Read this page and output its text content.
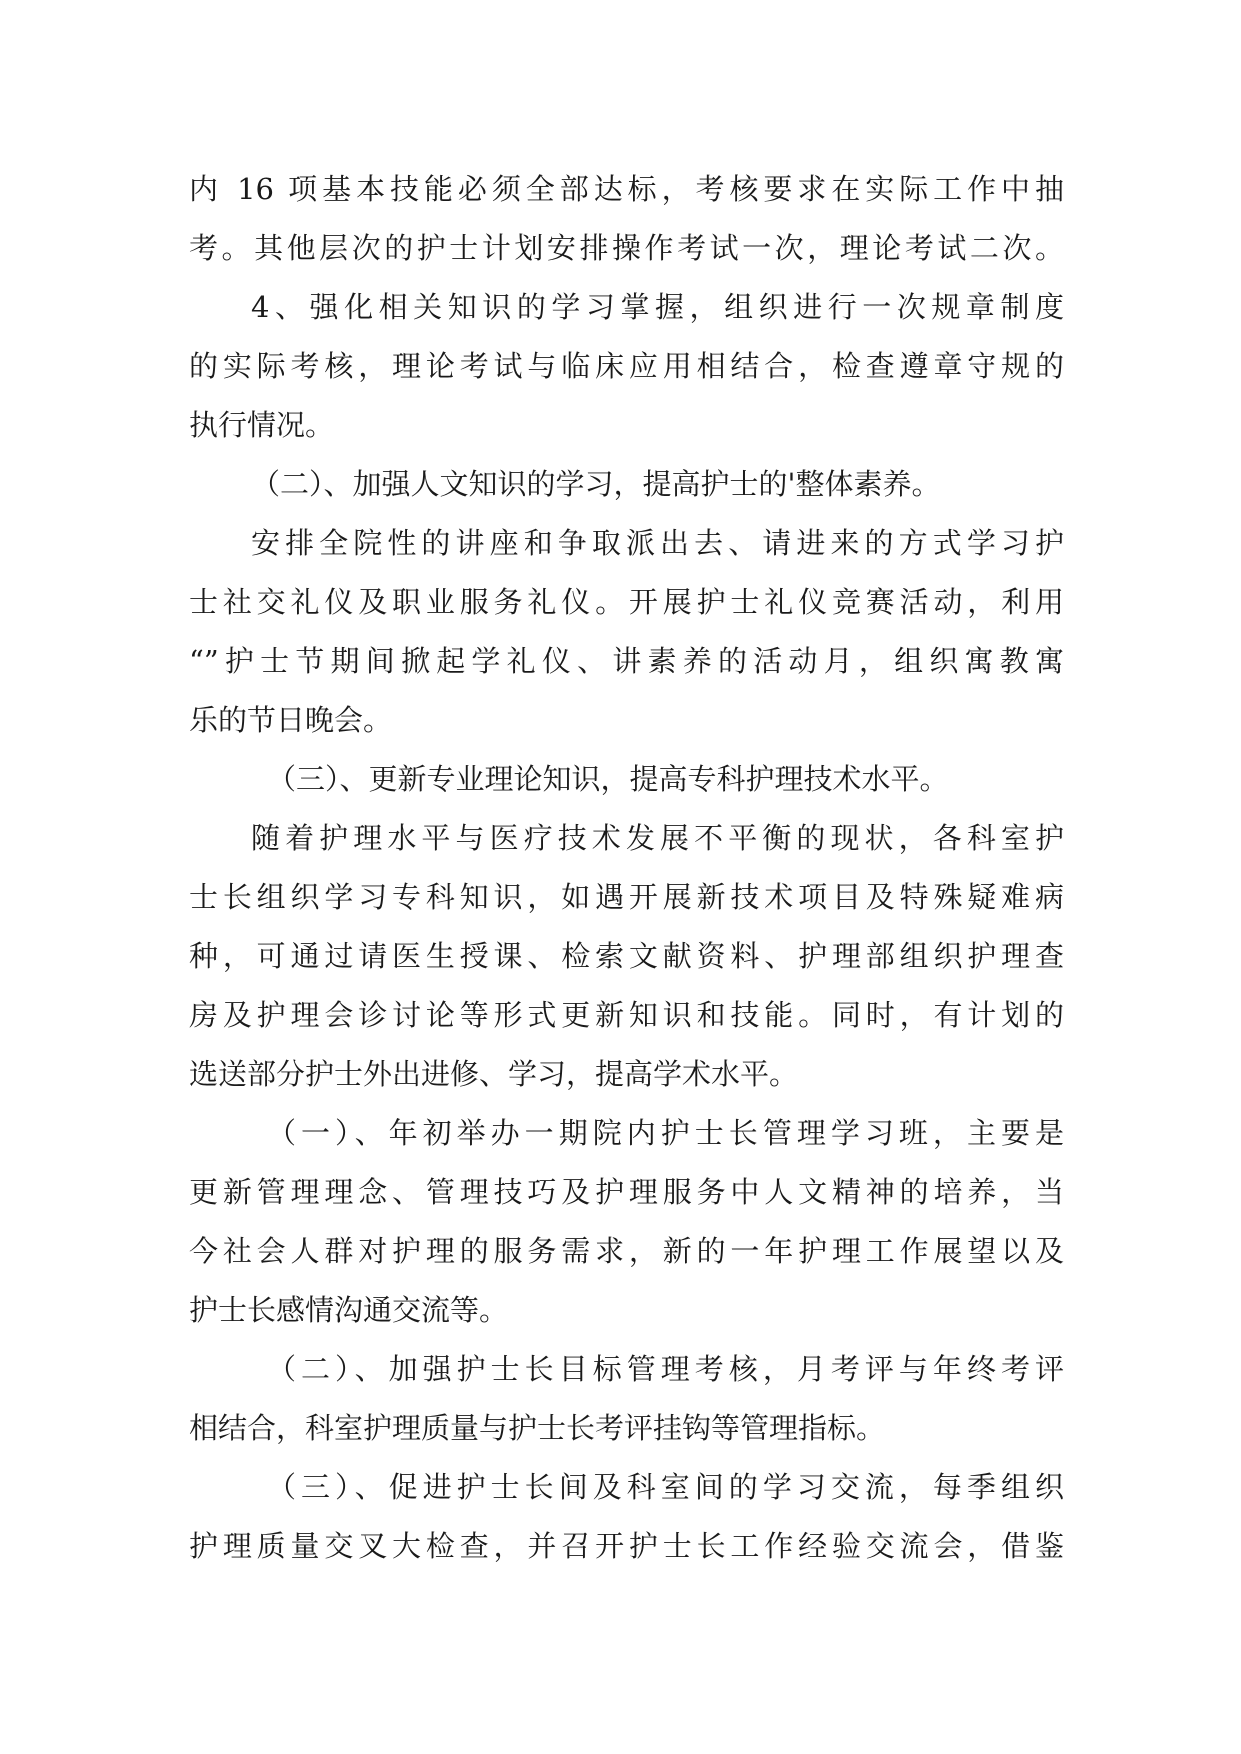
内 16 项基本技能必须全部达标，考核要求在实际工作中抽
考。其他层次的护士计划安排操作考试一次，理论考试二次。
4、强化相关知识的学习掌握，组织进行一次规章制度
的实际考核，理论考试与临床应用相结合，检查遵章守规的
执行情况。
（二）、加强人文知识的学习，提高护士的'整体素养。
安排全院性的讲座和争取派出去、请进来的方式学习护
士社交礼仪及职业服务礼仪。开展护士礼仪竞赛活动，利用
“”护士节期间掀起学礼仪、讲素养的活动月，组织寓教寓
乐的节日晚会。
（三）、更新专业理论知识，提高专科护理技术水平。
随着护理水平与医疗技术发展不平衡的现状，各科室护
士长组织学习专科知识，如遇开展新技术项目及特殊疑难病
种，可通过请医生授课、检索文献资料、护理部组织护理查
房及护理会诊讨论等形式更新知识和技能。同时，有计划的
选送部分护士外出进修、学习，提高学术水平。
（一）、年初举办一期院内护士长管理学习班，主要是
更新管理理念、管理技巧及护理服务中人文精神的培养，当
今社会人群对护理的服务需求，新的一年护理工作展望以及
护士长感情沟通交流等。
（二）、加强护士长目标管理考核，月考评与年终考评
相结合，科室护理质量与护士长考评挂钩等管理指标。
（三）、促进护士长间及科室间的学习交流，每季组织
护理质量交叉大检查，并召开护士长工作经验交流会，借鉴
